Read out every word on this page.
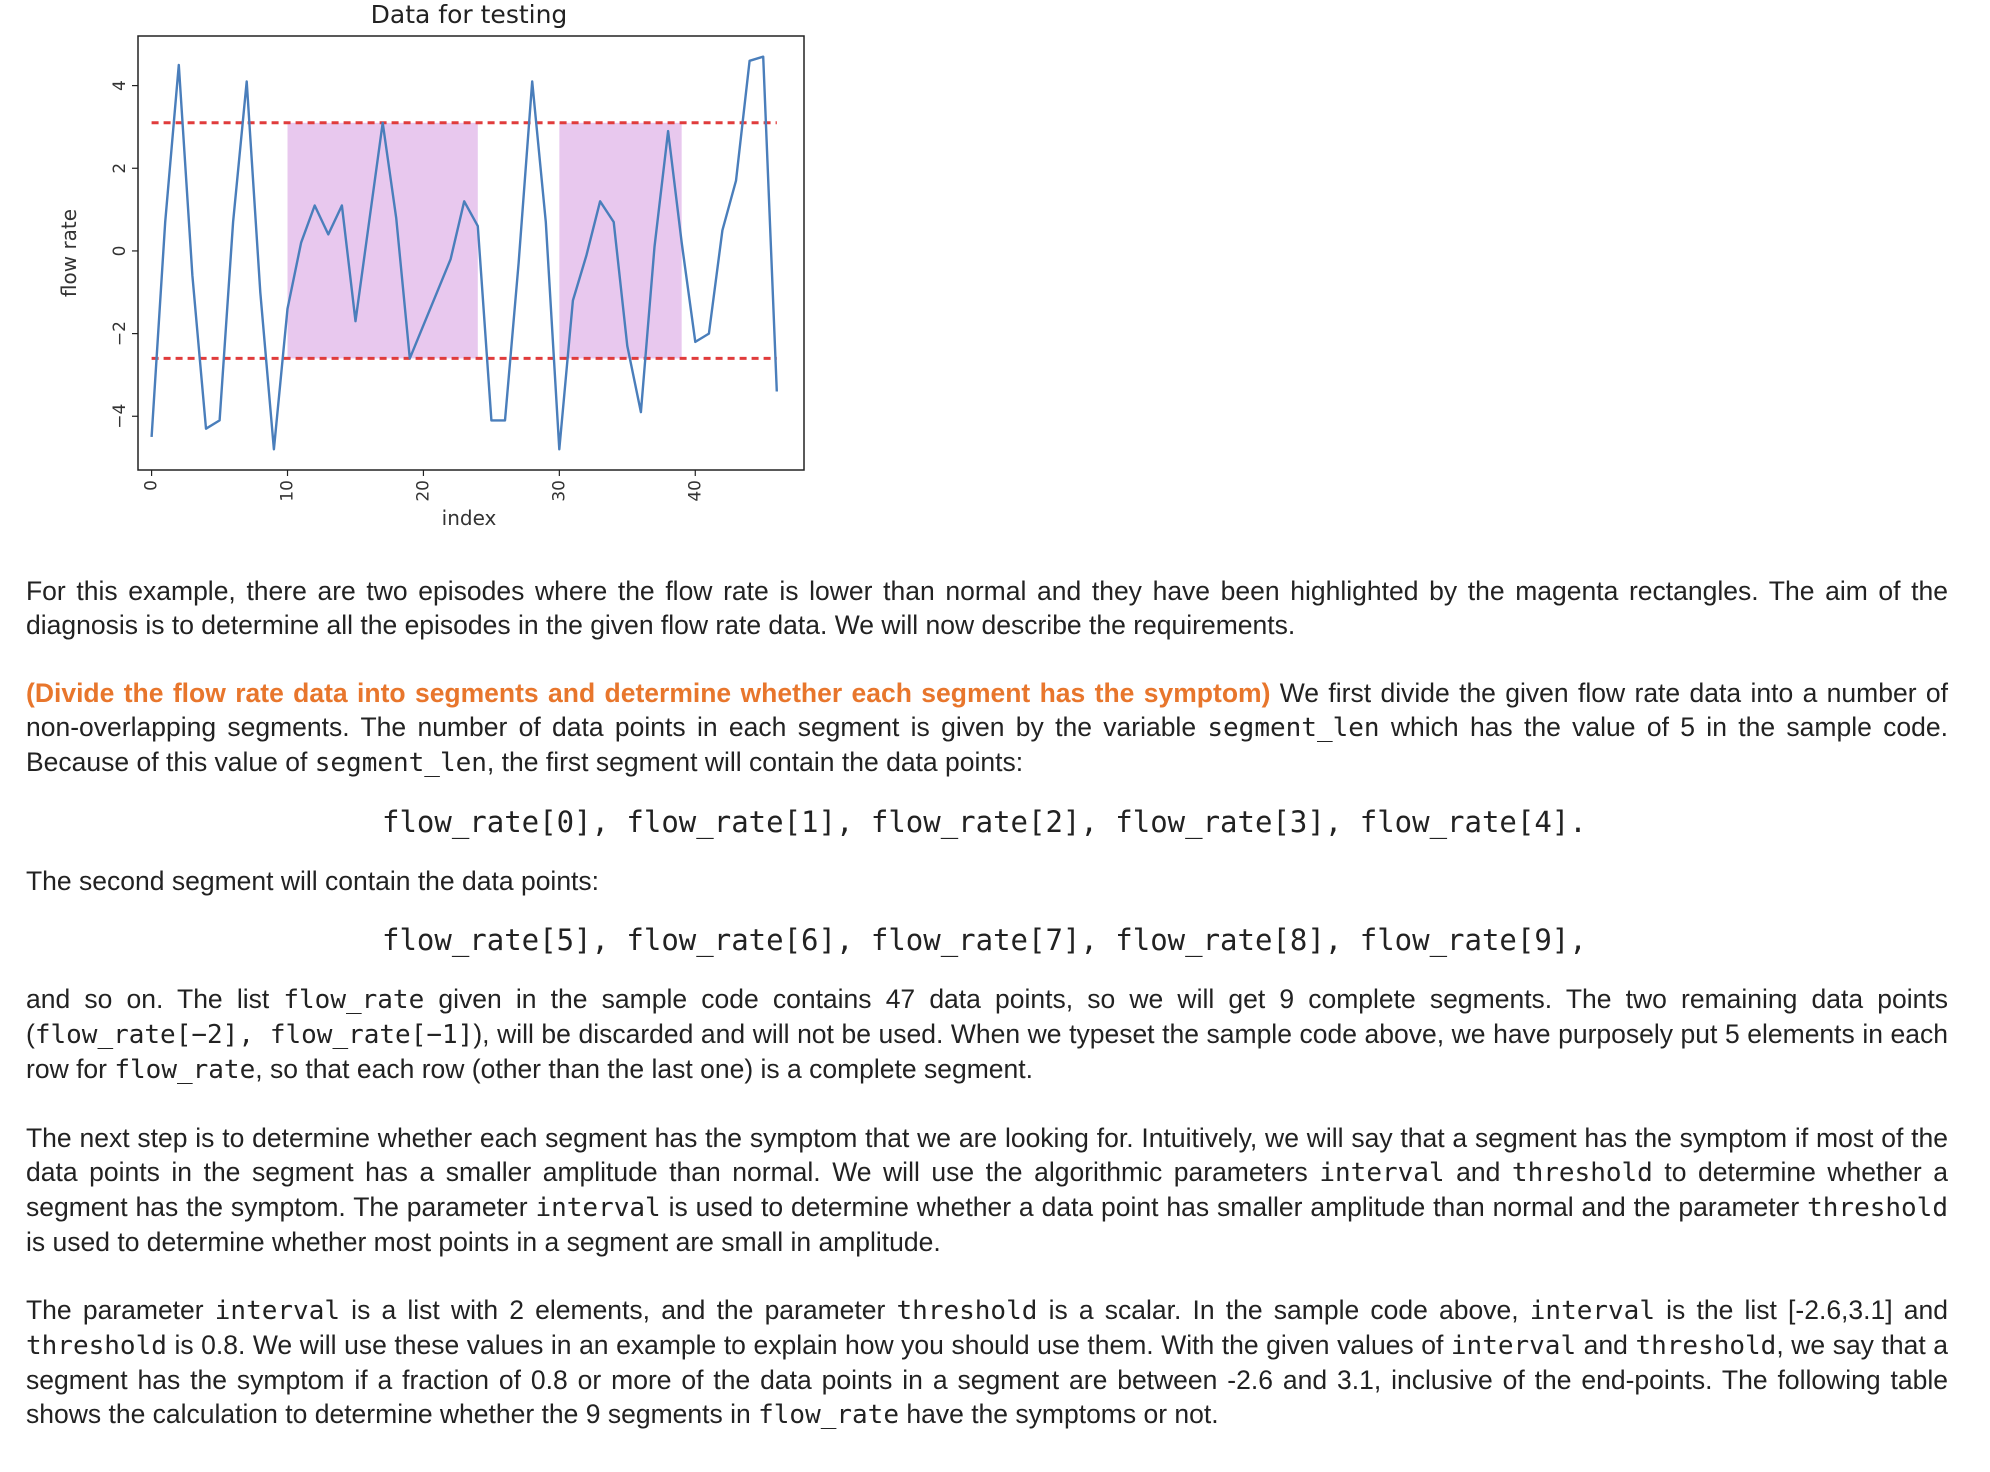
Data for testing
0	10	20	30	40
4
2
0
−2
−4
index
flow rate

For this example, there are two episodes where the flow rate is lower than normal and they have been highlighted by the magenta rectangles. The aim of the diagnosis is to determine all the episodes in the given flow rate data. We will now describe the requirements.

(Divide the flow rate data into segments and determine whether each segment has the symptom) We first divide the given flow rate data into a number of non-overlapping segments. The number of data points in each segment is given by the variable segment_len which has the value of 5 in the sample code. Because of this value of segment_len, the first segment will contain the data points:

flow_rate[0], flow_rate[1], flow_rate[2], flow_rate[3], flow_rate[4].

The second segment will contain the data points:

flow_rate[5], flow_rate[6], flow_rate[7], flow_rate[8], flow_rate[9],

and so on. The list flow_rate given in the sample code contains 47 data points, so we will get 9 complete segments. The two remaining data points (flow_rate[−2], flow_rate[−1]), will be discarded and will not be used. When we typeset the sample code above, we have purposely put 5 elements in each row for flow_rate, so that each row (other than the last one) is a complete segment.

The next step is to determine whether each segment has the symptom that we are looking for. Intuitively, we will say that a segment has the symptom if most of the data points in the segment has a smaller amplitude than normal. We will use the algorithmic parameters interval and threshold to determine whether a segment has the symptom. The parameter interval is used to determine whether a data point has smaller amplitude than normal and the parameter threshold is used to determine whether most points in a segment are small in amplitude.

The parameter interval is a list with 2 elements, and the parameter threshold is a scalar. In the sample code above, interval is the list [-2.6,3.1] and threshold is 0.8. We will use these values in an example to explain how you should use them. With the given values of interval and threshold, we say that a segment has the symptom if a fraction of 0.8 or more of the data points in a segment are between -2.6 and 3.1, inclusive of the end-points. The following table shows the calculation to determine whether the 9 segments in flow_rate have the symptoms or not.
